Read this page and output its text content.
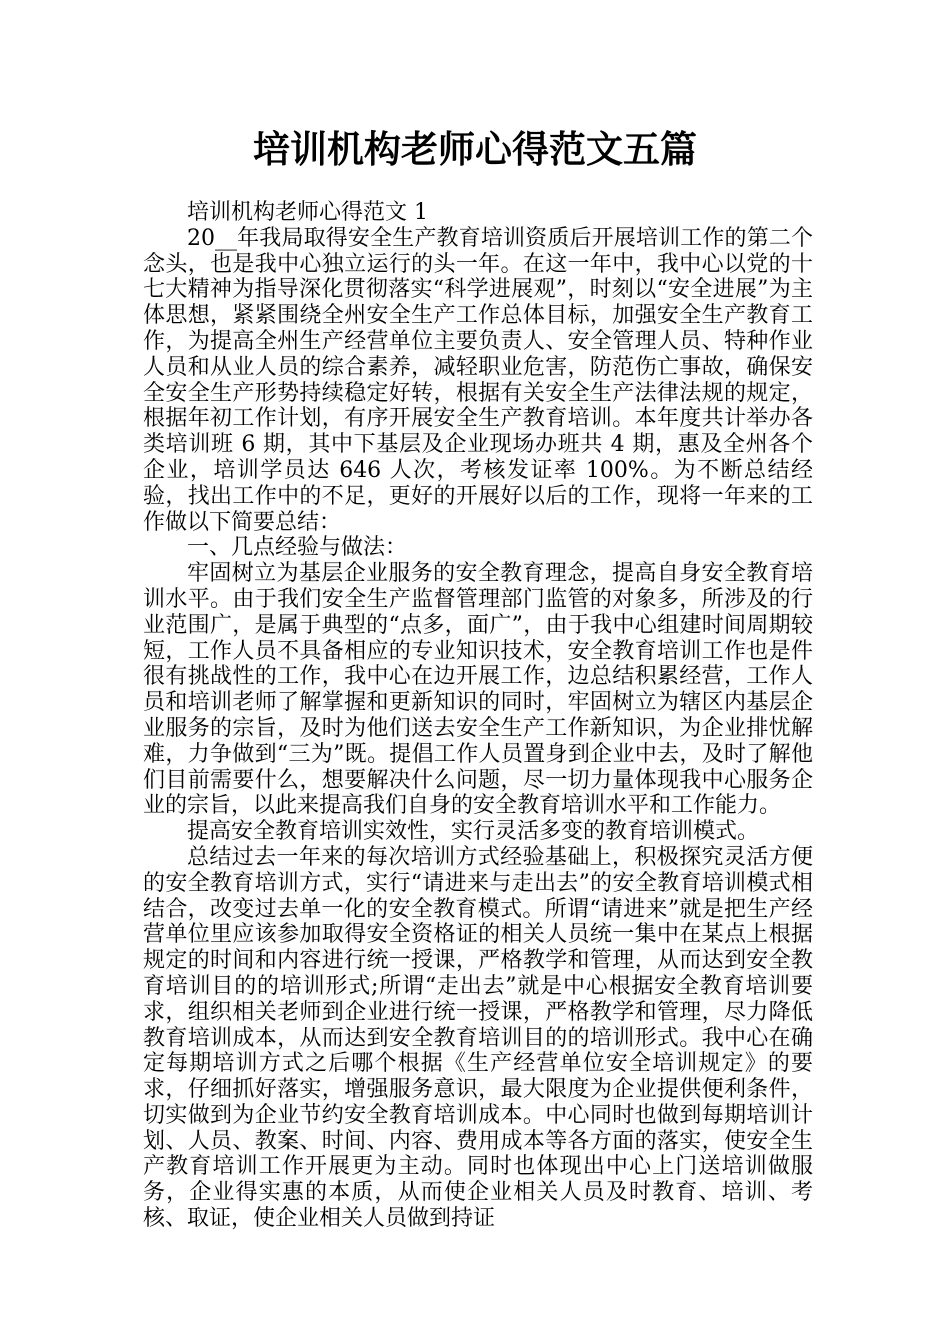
培训机构老师心得范文五篇

培训机构老师心得范文 1

20__年我局取得安全生产教育培训资质后开展培训工作的第二个念头，也是我中心独立运行的头一年。在这一年中，我中心以党的十七大精神为指导深化贯彻落实“科学进展观”，时刻以“安全进展”为主体思想，紧紧围绕全州安全生产工作总体目标，加强安全生产教育工作，为提高全州生产经营单位主要负责人、安全管理人员、特种作业人员和从业人员的综合素养，减轻职业危害，防范伤亡事故，确保安全安全生产形势持续稳定好转，根据有关安全生产法律法规的规定，根据年初工作计划，有序开展安全生产教育培训。本年度共计举办各类培训班 6 期，其中下基层及企业现场办班共 4 期，惠及全州各个企业，培训学员达 646 人次，考核发证率 100%。为不断总结经验，找出工作中的不足，更好的开展好以后的工作，现将一年来的工作做以下简要总结：

一、几点经验与做法：

牢固树立为基层企业服务的安全教育理念，提高自身安全教育培训水平。由于我们安全生产监督管理部门监管的对象多，所涉及的行业范围广，是属于典型的“点多，面广”，由于我中心组建时间周期较短，工作人员不具备相应的专业知识技术，安全教育培训工作也是件很有挑战性的工作，我中心在边开展工作，边总结积累经营，工作人员和培训老师了解掌握和更新知识的同时，牢固树立为辖区内基层企业服务的宗旨，及时为他们送去安全生产工作新知识，为企业排忧解难，力争做到“三为”既。提倡工作人员置身到企业中去，及时了解他们目前需要什么，想要解决什么问题，尽一切力量体现我中心服务企业的宗旨，以此来提高我们自身的安全教育培训水平和工作能力。

提高安全教育培训实效性，实行灵活多变的教育培训模式。

总结过去一年来的每次培训方式经验基础上，积极探究灵活方便的安全教育培训方式，实行“请进来与走出去”的安全教育培训模式相结合，改变过去单一化的安全教育模式。所谓“请进来”就是把生产经营单位里应该参加取得安全资格证的相关人员统一集中在某点上根据规定的时间和内容进行统一授课，严格教学和管理，从而达到安全教育培训目的的培训形式;所谓“走出去”就是中心根据安全教育培训要求，组织相关老师到企业进行统一授课，严格教学和管理，尽力降低教育培训成本，从而达到安全教育培训目的的培训形式。我中心在确定每期培训方式之后哪个根据《生产经营单位安全培训规定》的要求，仔细抓好落实，增强服务意识，最大限度为企业提供便利条件，切实做到为企业节约安全教育培训成本。中心同时也做到每期培训计划、人员、教案、时间、内容、费用成本等各方面的落实，使安全生产教育培训工作开展更为主动。同时也体现出中心上门送培训做服务，企业得实惠的本质，从而使企业相关人员及时教育、培训、考核、取证，使企业相关人员做到持证
